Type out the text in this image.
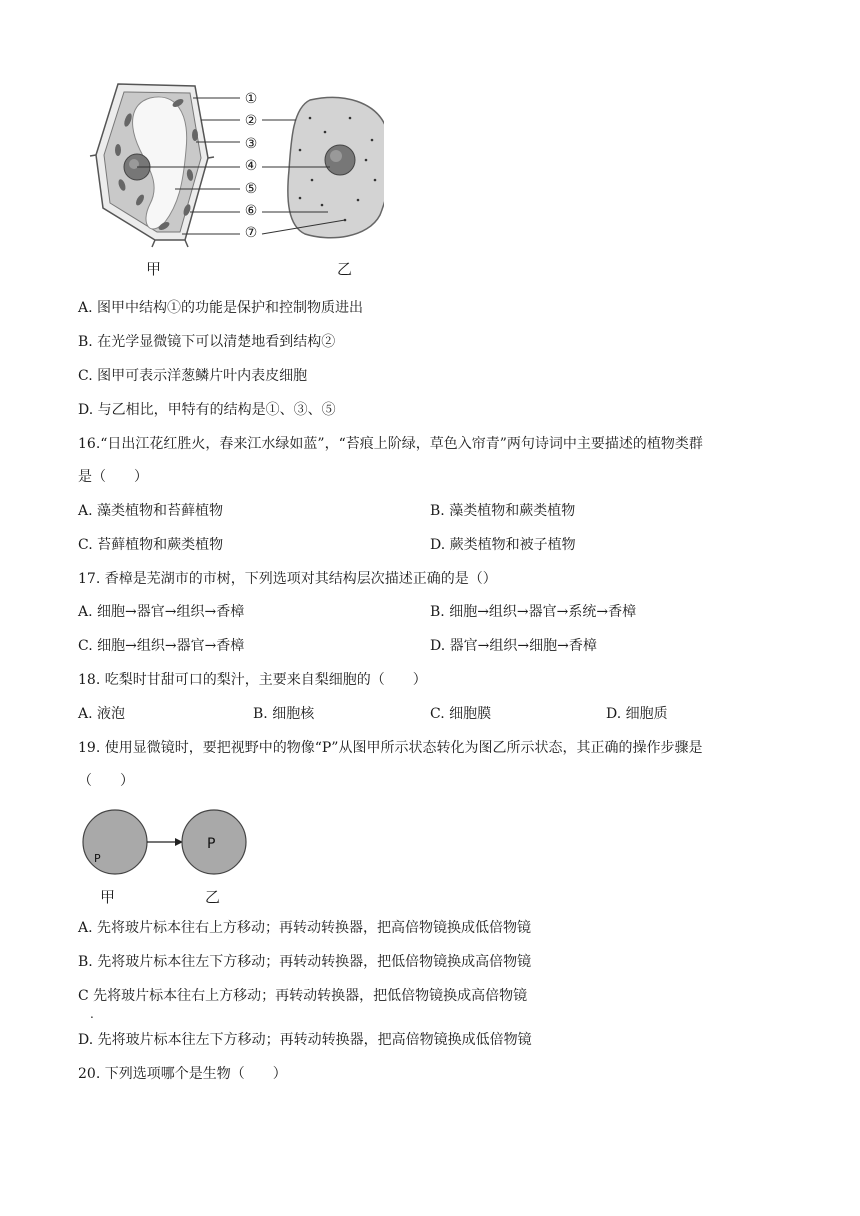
①
②
③
④
⑤
⑥
⑦
甲	乙
A. 图甲中结构①的功能是保护和控制物质进出
B. 在光学显微镜下可以清楚地看到结构②
C. 图甲可表示洋葱鳞片叶内表皮细胞
D. 与乙相比，甲特有的结构是①、③、⑤
16.“日出江花红胜火，春来江水绿如蓝”，“苔痕上阶绿，草色入帘青”两句诗词中主要描述的植物类群
是（　　）
A. 藻类植物和苔藓植物	B. 藻类植物和蕨类植物
C. 苔藓植物和蕨类植物	D. 蕨类植物和被子植物
17. 香樟是芜湖市的市树，下列选项对其结构层次描述正确的是（）
A. 细胞→器官→组织→香樟	B. 细胞→组织→器官→系统→香樟
C. 细胞→组织→器官→香樟	D. 器官→组织→细胞→香樟
18. 吃梨时甘甜可口的梨汁，主要来自梨细胞的（　　）
A. 液泡	B. 细胞核	C. 细胞膜	D. 细胞质
19. 使用显微镜时，要把视野中的物像“P”从图甲所示状态转化为图乙所示状态，其正确的操作步骤是
（　　）
P
P
甲	乙
A. 先将玻片标本往右上方移动；再转动转换器，把高倍物镜换成低倍物镜
B. 先将玻片标本往左下方移动；再转动转换器，把低倍物镜换成高倍物镜
C 先将玻片标本往右上方移动；再转动转换器，把低倍物镜换成高倍物镜
.
D. 先将玻片标本往左下方移动；再转动转换器，把高倍物镜换成低倍物镜
20. 下列选项哪个是生物（　　）
